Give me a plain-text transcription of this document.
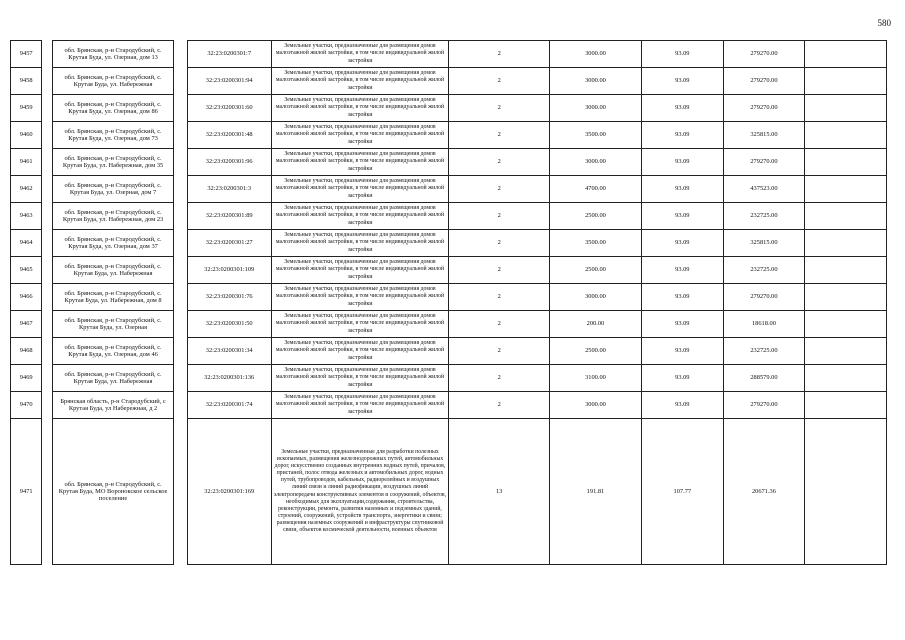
580
9457		обл. Брянская, р-н Стародубский, с. Крутая Буда, ул. Озерная, дом 13		32:23:0200301:7	Земельные участки, предназначенные для размещения домов малоэтажной жилой застройки, в том числе индивидуальной жилой застройки	2	3000.00	93.09	279270.00	
9458		обл. Брянская, р-н Стародубский, с. Крутая Буда, ул. Набережная		32:23:0200301:94	Земельные участки, предназначенные для размещения домов малоэтажной жилой застройки, в том числе индивидуальной жилой застройки	2	3000.00	93.09	279270.00	
9459		обл. Брянская, р-н Стародубский, с. Крутая Буда, ул. Озерная, дом 86		32:23:0200301:60	Земельные участки, предназначенные для размещения домов малоэтажной жилой застройки, в том числе индивидуальной жилой застройки	2	3000.00	93.09	279270.00	
9460		обл. Брянская, р-н Стародубский, с. Крутая Буда, ул. Озерная, дом 73		32:23:0200301:48	Земельные участки, предназначенные для размещения домов малоэтажной жилой застройки, в том числе индивидуальной жилой застройки	2	3500.00	93.09	325815.00	
9461		обл. Брянская, р-н Стародубский, с. Крутая Буда, ул. Набережная, дом 35		32:23:0200301:96	Земельные участки, предназначенные для размещения домов малоэтажной жилой застройки, в том числе индивидуальной жилой застройки	2	3000.00	93.09	279270.00	
9462		обл. Брянская, р-н Стародубский, с. Крутая Буда, ул. Озерная, дом 7		32:23:0200301:3	Земельные участки, предназначенные для размещения домов малоэтажной жилой застройки, в том числе индивидуальной жилой застройки	2	4700.00	93.09	437523.00	
9463		обл. Брянская, р-н Стародубский, с. Крутая Буда, ул. Набережная, дом 23		32:23:0200301:89	Земельные участки, предназначенные для размещения домов малоэтажной жилой застройки, в том числе индивидуальной жилой застройки	2	2500.00	93.09	232725.00	
9464		обл. Брянская, р-н Стародубский, с. Крутая Буда, ул. Озерная, дом 37		32:23:0200301:27	Земельные участки, предназначенные для размещения домов малоэтажной жилой застройки, в том числе индивидуальной жилой застройки	2	3500.00	93.09	325815.00	
9465		обл. Брянская, р-н Стародубский, с. Крутая Буда, ул. Набережная		32:23:0200301:109	Земельные участки, предназначенные для размещения домов малоэтажной жилой застройки, в том числе индивидуальной жилой застройки	2	2500.00	93.09	232725.00	
9466		обл. Брянская, р-н Стародубский, с. Крутая Буда, ул. Набережная, дом 8		32:23:0200301:76	Земельные участки, предназначенные для размещения домов малоэтажной жилой застройки, в том числе индивидуальной жилой застройки	2	3000.00	93.09	279270.00	
9467		обл. Брянская, р-н Стародубский, с. Крутая Буда, ул. Озерная		32:23:0200301:50	Земельные участки, предназначенные для размещения домов малоэтажной жилой застройки, в том числе индивидуальной жилой застройки	2	200.00	93.09	18618.00	
9468		обл. Брянская, р-н Стародубский, с. Крутая Буда, ул. Озерная, дом 46		32:23:0200301:34	Земельные участки, предназначенные для размещения домов малоэтажной жилой застройки, в том числе индивидуальной жилой застройки	2	2500.00	93.09	232725.00	
9469		обл. Брянская, р-н Стародубский, с. Крутая Буда, ул. Набережная		32:23:0200301:136	Земельные участки, предназначенные для размещения домов малоэтажной жилой застройки, в том числе индивидуальной жилой застройки	2	3100.00	93.09	288579.00	
9470		Брянская область, р-н Стародубский, с Крутая Буда, ул Набережная, д 2		32:23:0200301:74	Земельные участки, предназначенные для размещения домов малоэтажной жилой застройки, в том числе индивидуальной жилой застройки	2	3000.00	93.09	279270.00	
9471		обл. Брянская, р-н Стародубский, с. Крутая Буда, МО Воронокское сельское поселение		32:23:0200301:169	Земельные участки, предназначенные для разработки полезных ископаемых, размещения железнодорожных путей, автомобильных дорог, искусственно созданных внутренних водных путей, причалов, пристаней, полос отвода железных и автомобильных дорог, водных путей, трубопроводов, кабельных, радиорелейных и воздушных линий связи и линий радиофикации, воздушных линий электропередачи конструктивных элементов и сооружений, объектов, необходимых для эксплуатации,содержания, строительства, реконструкции, ремонта, развития наземных и подземных зданий, строений, сооружений, устройств транспорта, энергетики и связи; размещения наземных сооружений и инфраструктуры спутниковой связи, объектов космической деятельности, военных объектов	13	191.81	107.77	20671.36	
